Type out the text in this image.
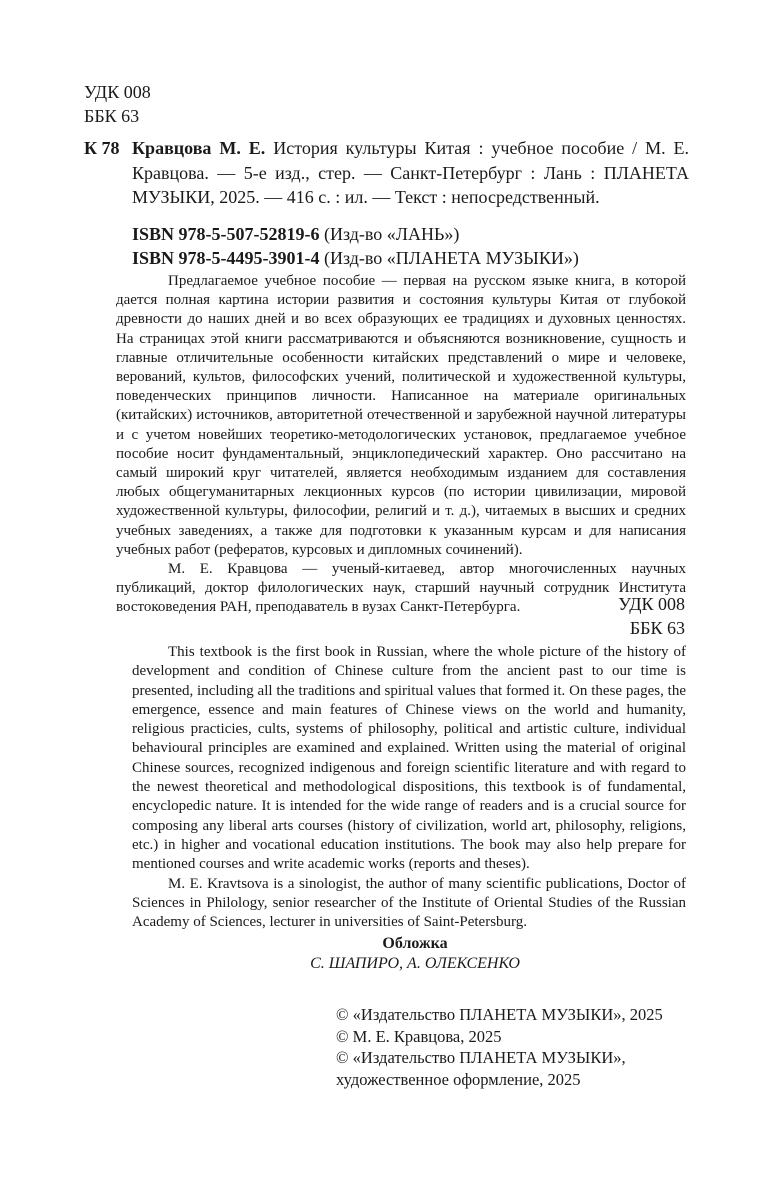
УДК 008
ББК 63
К 78 Кравцова М. Е. История культуры Китая : учебное пособие / М. Е. Кравцова. — 5-е изд., стер. — Санкт-Петербург : Лань : ПЛАНЕТА МУЗЫКИ, 2025. — 416 с. : ил. — Текст : непосредственный.
ISBN 978-5-507-52819-6 (Изд-во «ЛАНЬ»)
ISBN 978-5-4495-3901-4 (Изд-во «ПЛАНЕТА МУЗЫКИ»)

Предлагаемое учебное пособие — первая на русском языке книга, в которой дается полная картина истории развития и состояния культуры Китая от глубокой древности до наших дней и во всех образующих ее традициях и духовных ценностях. На страницах этой книги рассматриваются и объясняются возникновение, сущность и главные отличительные особенности китайских представлений о мире и человеке, верований, культов, философских учений, политической и художественной культуры, поведенческих принципов личности. Написанное на материале оригинальных (китайских) источников, авторитетной отечественной и зарубежной научной литературы и с учетом новейших теоретико-методологических установок, предлагаемое учебное пособие носит фундаментальный, энциклопедический характер. Оно рассчитано на самый широкий круг читателей, является необходимым изданием для составления любых общегуманитарных лекционных курсов (по истории цивилизации, мировой художественной культуры, философии, религий и т. д.), читаемых в высших и средних учебных заведениях, а также для подготовки к указанным курсам и для написания учебных работ (рефератов, курсовых и дипломных сочинений).

М. Е. Кравцова — ученый-китаевед, автор многочисленных научных публикаций, доктор филологических наук, старший научный сотрудник Института востоковедения РАН, преподаватель в вузах Санкт-Петербурга.	УДК 008
ББК 63

This textbook is the first book in Russian, where the whole picture of the history of development and condition of Chinese culture from the ancient past to our time is presented, including all the traditions and spiritual values that formed it. On these pages, the emergence, essence and main features of Chinese views on the world and humanity, religious practicies, cults, systems of philosophy, political and artistic culture, individual behavioural principles are examined and explained. Written using the material of original Chinese sources, recognized indigenous and foreign scientific literature and with regard to the newest theoretical and methodological dispositions, this textbook is of fundamental, encyclopedic nature. It is intended for the wide range of readers and is a crucial source for composing any liberal arts courses (history of civilization, world art, philosophy, religions, etc.) in higher and vocational education institutions. The book may also help prepare for mentioned courses and write academic works (reports and theses).

M. E. Kravtsova is a sinologist, the author of many scientific publications, Doctor of Sciences in Philology, senior researcher of the Institute of Oriental Studies of the Russian Academy of Sciences, lecturer in universities of Saint-Petersburg.

Обложка
С. ШАПИРО, А. ОЛЕКСЕНКО
© «Издательство ПЛАНЕТА МУЗЫКИ», 2025
© М. Е. Кравцова, 2025
© «Издательство ПЛАНЕТА МУЗЫКИ»,
художественное оформление, 2025
